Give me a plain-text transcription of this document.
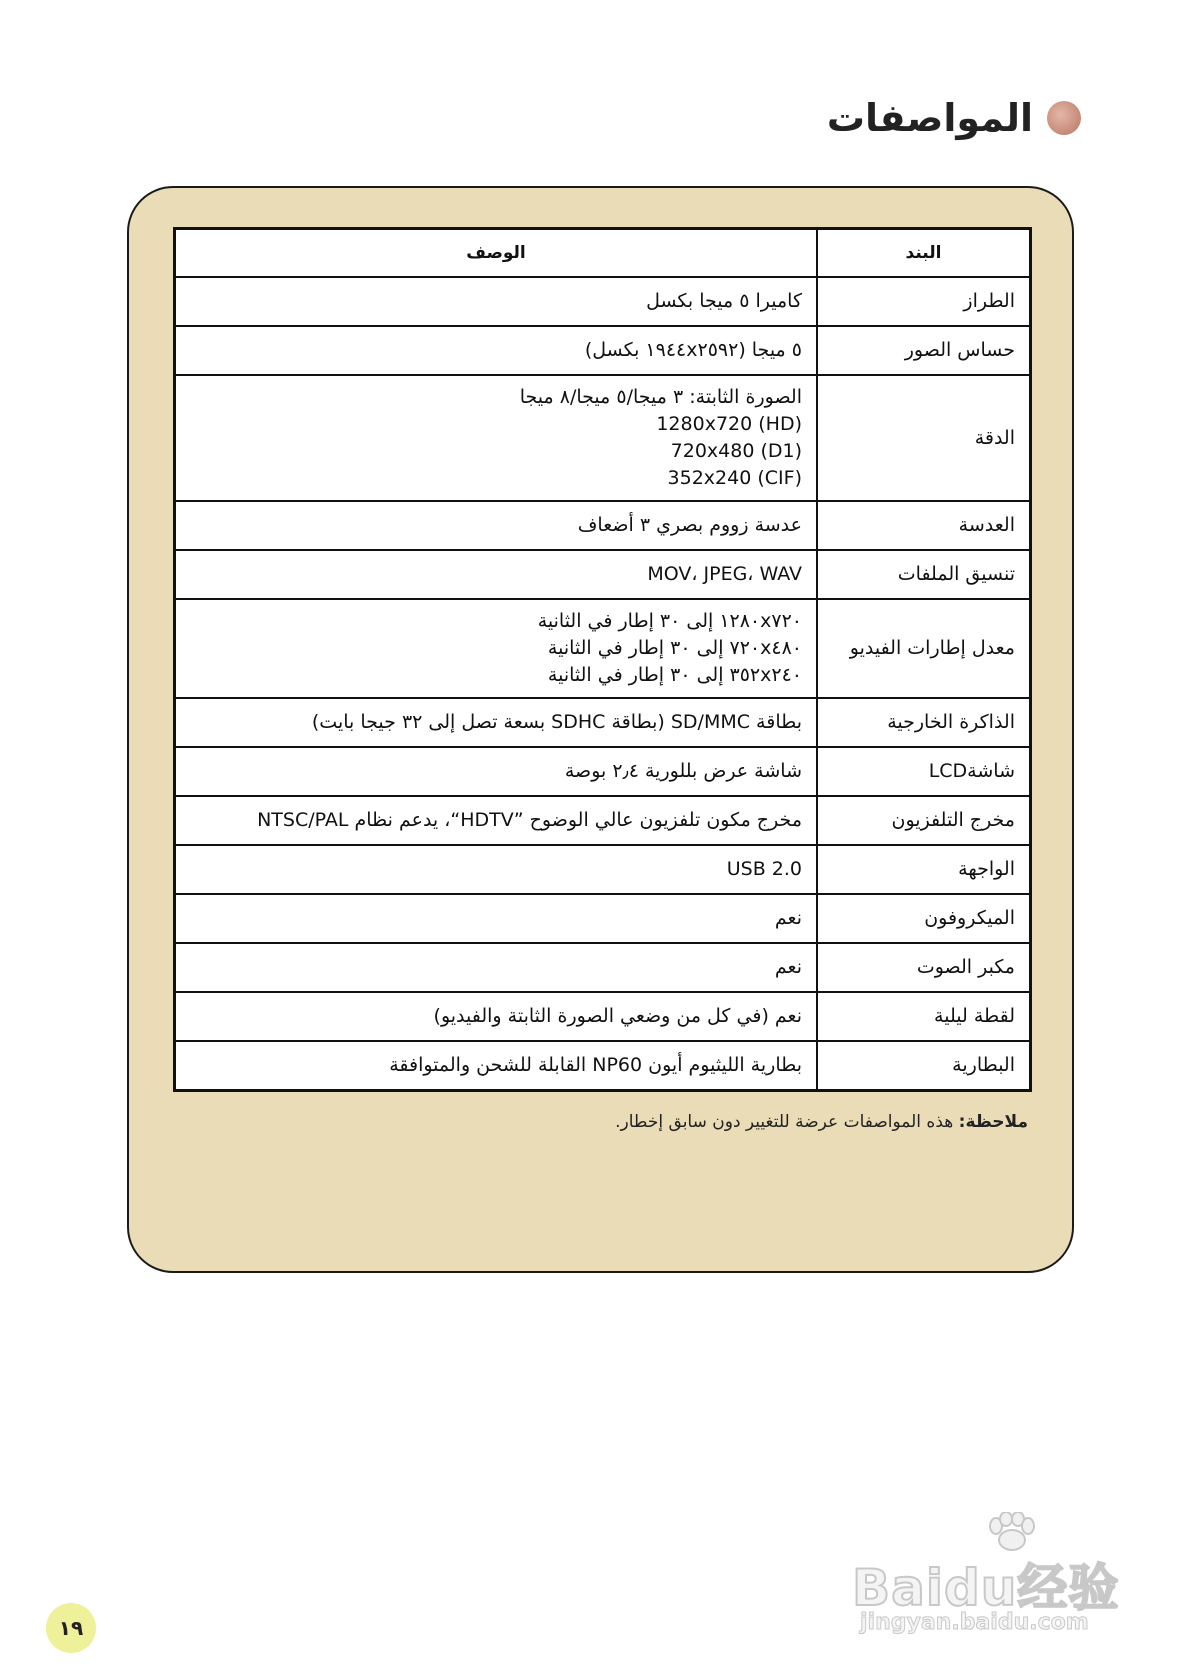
المواصفات
البند	الوصف
الطراز	كاميرا ٥ ميجا بكسل

حساس الصور	٥ ميجا (١٩٤٤x٢٥٩٢ بكسل)

الدقة	الصورة الثابتة: ٣ ميجا/٥ ميجا/٨ ميجا
1280x720 (HD)
720x480 (D1)
352x240 (CIF)

العدسة	عدسة زووم بصري ٣ أضعاف

تنسيق الملفات	MOV، JPEG، WAV

معدل إطارات الفيديو	١٢٨٠x٧٢٠ إلى ٣٠ إطار في الثانية
٧٢٠x٤٨٠ إلى ٣٠ إطار في الثانية
٣٥٢x٢٤٠ إلى ٣٠ إطار في الثانية

الذاكرة الخارجية	بطاقة SD/MMC (بطاقة SDHC بسعة تصل إلى ٣٢ جيجا بايت)

شاشةLCD	شاشة عرض بللورية ٢٫٤ بوصة

مخرج التلفزيون	مخرج مكون تلفزيون عالي الوضوح ”HDTV“، يدعم نظام NTSC/PAL

الواجهة	USB 2.0

الميكروفون	نعم

مكبر الصوت	نعم

لقطة ليلية	نعم (في كل من وضعي الصورة الثابتة والفيديو)

البطارية	بطارية الليثيوم أيون NP60 القابلة للشحن والمتوافقة
ملاحظة: هذه المواصفات عرضة للتغيير دون سابق إخطار.
١٩
Baidu经验
jingyan.baidu.com
